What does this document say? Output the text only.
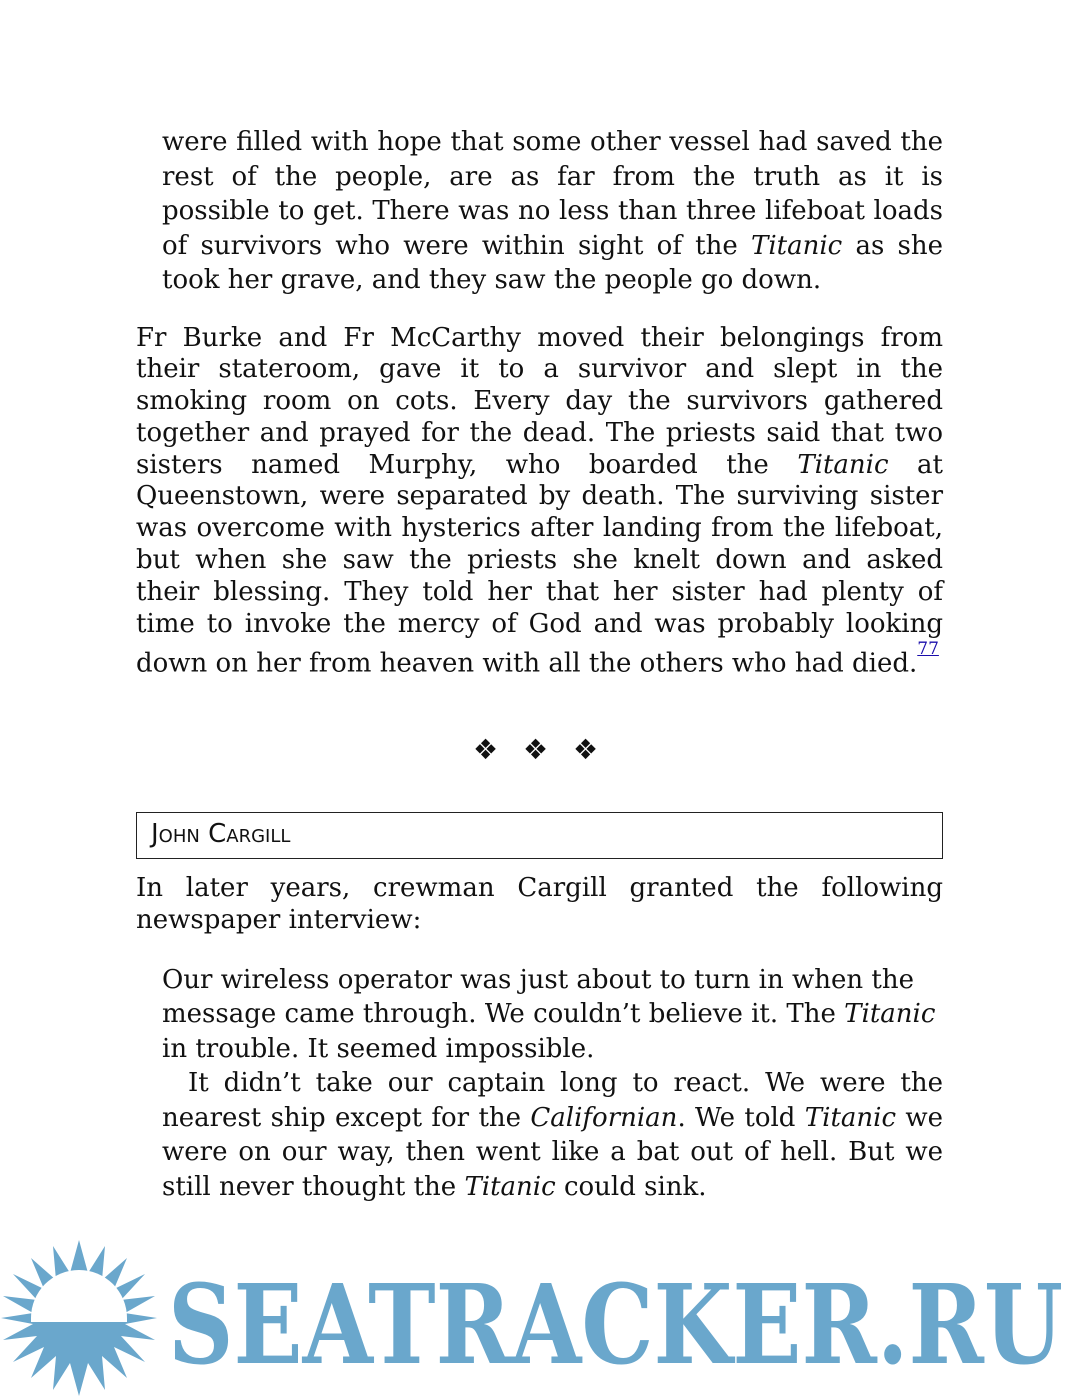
were filled with hope that some other vessel had saved the rest of the people, are as far from the truth as it is possible to get. There was no less than three lifeboat loads of survivors who were within sight of the Titanic as she took her grave, and they saw the people go down.

Fr Burke and Fr McCarthy moved their belongings from their stateroom, gave it to a survivor and slept in the smoking room on cots. Every day the survivors gathered together and prayed for the dead. The priests said that two sisters named Murphy, who boarded the Titanic at Queenstown, were separated by death. The surviving sister was overcome with hysterics after landing from the lifeboat, but when she saw the priests she knelt down and asked their blessing. They told her that her sister had plenty of time to invoke the mercy of God and was probably looking down on her from heaven with all the others who had died.$^{^{77}}$

❖ ❖ ❖
John Cargill

In later years, crewman Cargill granted the following newspaper interview:

Our wireless operator was just about to turn in when the message came through. We couldn’t believe it. The Titanic in trouble. It seemed impossible.

It didn’t take our captain long to react. We were the nearest ship except for the Californian. We told Titanic we were on our way, then went like a bat out of hell. But we still never thought the Titanic could sink.

SEATRACKER.RU
